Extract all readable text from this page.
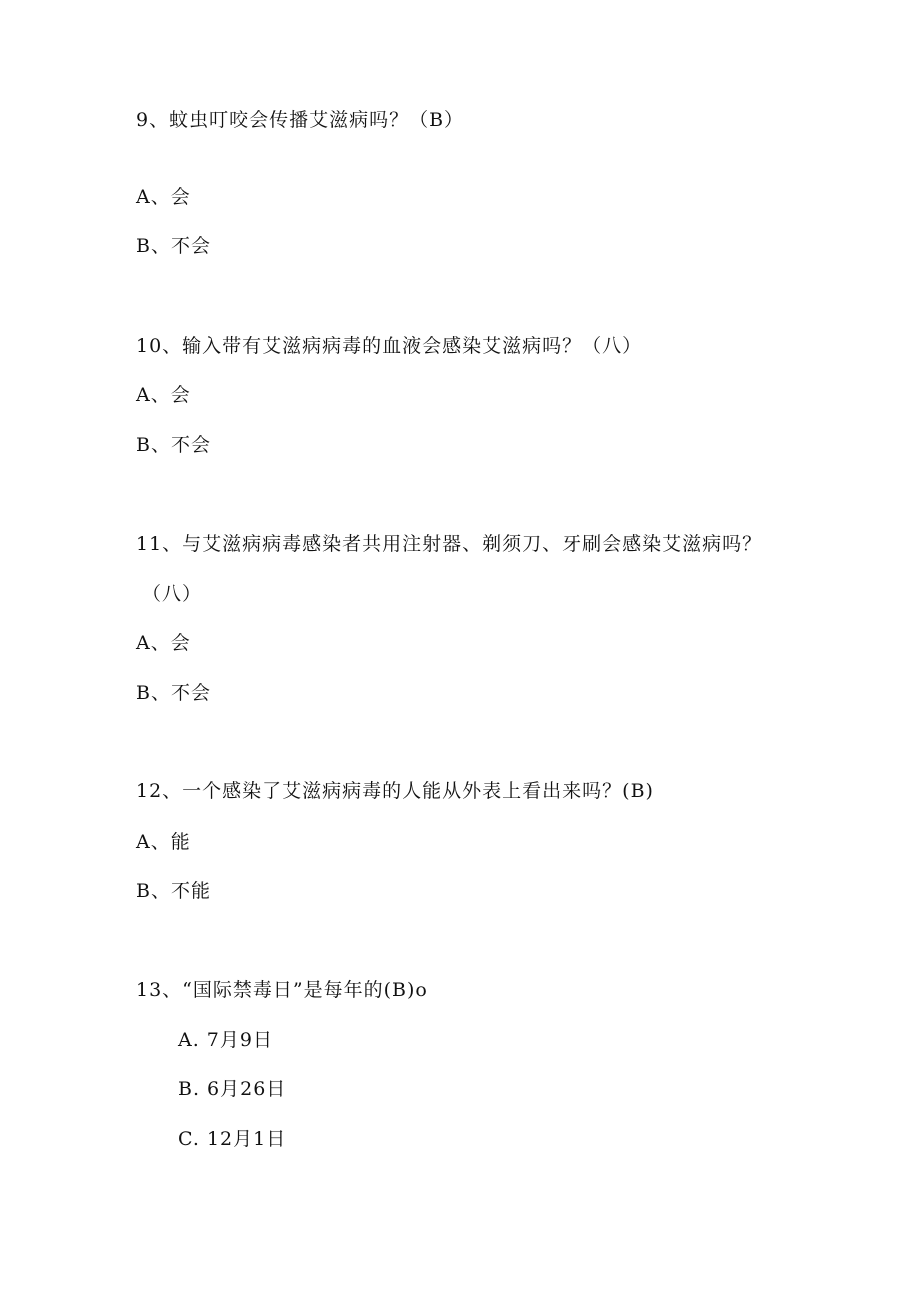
9、蚊虫叮咬会传播艾滋病吗？（B）
A、会
B、不会
10、输入带有艾滋病病毒的血液会感染艾滋病吗？（八）
A、会
B、不会
11、与艾滋病病毒感染者共用注射器、剃须刀、牙刷会感染艾滋病吗？
（八）
A、会
B、不会
12、一个感染了艾滋病病毒的人能从外表上看出来吗？(B)
A、能
B、不能
13、“国际禁毒日”是每年的(B)o
A. 7月9日
B. 6月26日
C. 12月1日
